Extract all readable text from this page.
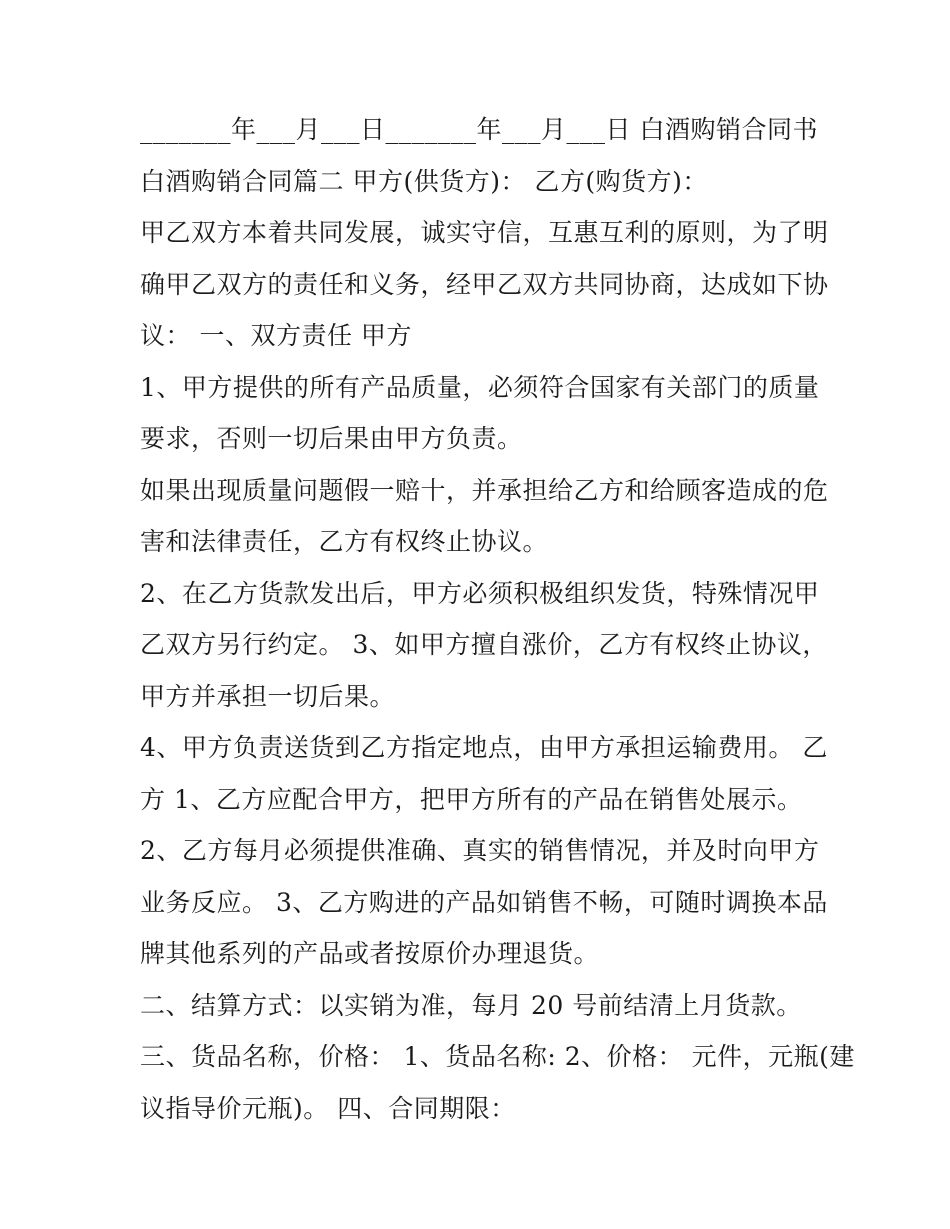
_______年___月___日_______年___月___日 白酒购销合同书
白酒购销合同篇二 甲方(供货方)： 乙方(购货方)：
甲乙双方本着共同发展，诚实守信，互惠互利的原则，为了明
确甲乙双方的责任和义务，经甲乙双方共同协商，达成如下协
议： 一、双方责任 甲方
1、甲方提供的所有产品质量，必须符合国家有关部门的质量
要求，否则一切后果由甲方负责。
如果出现质量问题假一赔十，并承担给乙方和给顾客造成的危
害和法律责任，乙方有权终止协议。
2、在乙方货款发出后，甲方必须积极组织发货，特殊情况甲
乙双方另行约定。 3、如甲方擅自涨价，乙方有权终止协议，
甲方并承担一切后果。
4、甲方负责送货到乙方指定地点，由甲方承担运输费用。 乙
方 1、乙方应配合甲方，把甲方所有的产品在销售处展示。
2、乙方每月必须提供准确、真实的销售情况，并及时向甲方
业务反应。 3、乙方购进的产品如销售不畅，可随时调换本品
牌其他系列的产品或者按原价办理退货。
二、结算方式：以实销为准，每月 20 号前结清上月货款。
三、货品名称，价格： 1、货品名称: 2、价格： 元件，元瓶(建
议指导价元瓶)。 四、合同期限：
